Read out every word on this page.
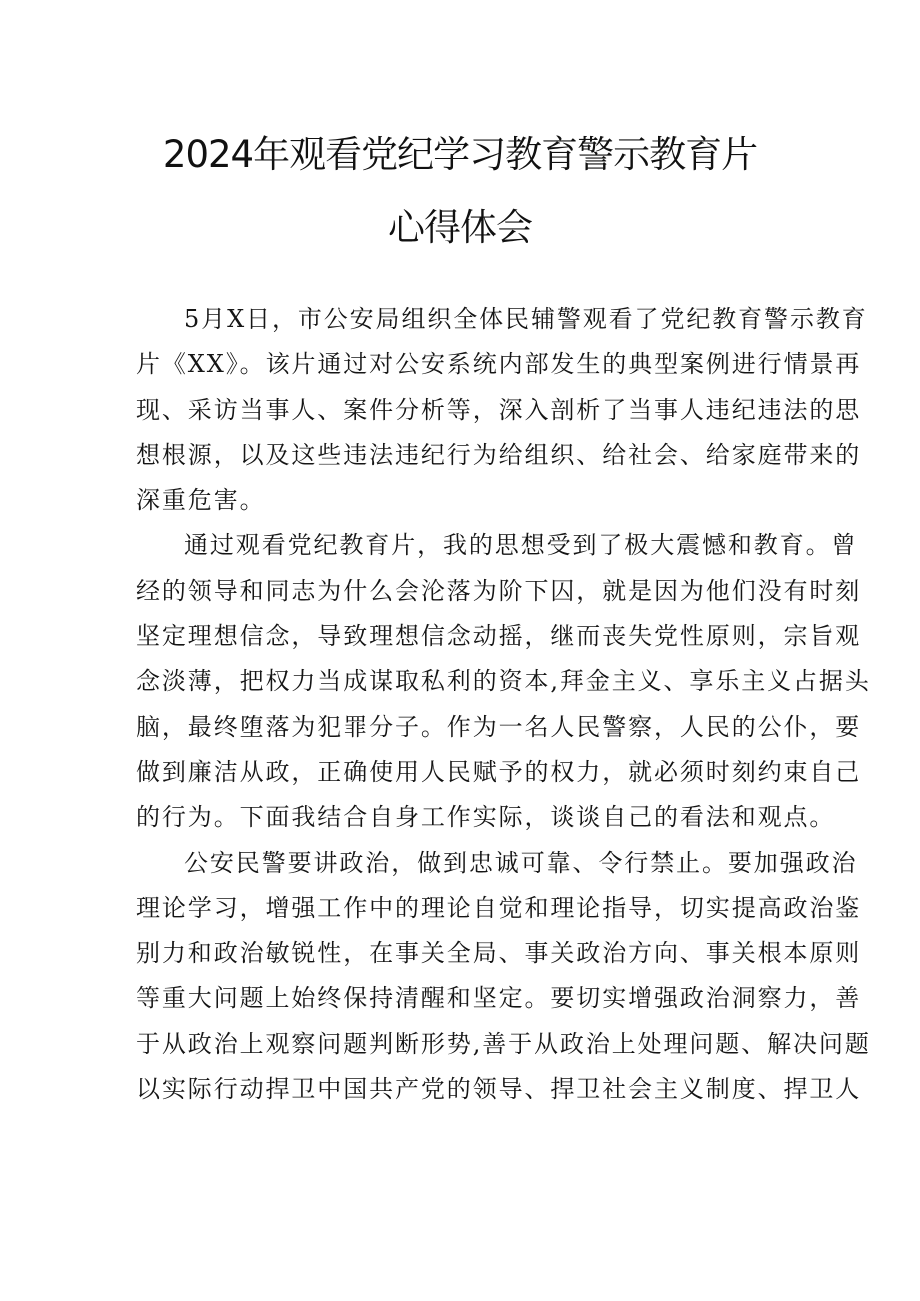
2024年观看党纪学习教育警示教育片
心得体会
5月X日，市公安局组织全体民辅警观看了党纪教育警示教育
片《XX》。该片通过对公安系统内部发生的典型案例进行情景再
现、采访当事人、案件分析等，深入剖析了当事人违纪违法的思
想根源，以及这些违法违纪行为给组织、给社会、给家庭带来的
深重危害。
通过观看党纪教育片，我的思想受到了极大震憾和教育。曾
经的领导和同志为什么会沦落为阶下囚，就是因为他们没有时刻
坚定理想信念，导致理想信念动摇，继而丧失党性原则，宗旨观
念淡薄，把权力当成谋取私利的资本,拜金主义、享乐主义占据头
脑，最终堕落为犯罪分子。作为一名人民警察，人民的公仆，要
做到廉洁从政，正确使用人民赋予的权力，就必须时刻约束自己
的行为。下面我结合自身工作实际，谈谈自己的看法和观点。
公安民警要讲政治，做到忠诚可靠、令行禁止。要加强政治
理论学习，增强工作中的理论自觉和理论指导，切实提高政治鉴
别力和政治敏锐性，在事关全局、事关政治方向、事关根本原则
等重大问题上始终保持清醒和坚定。要切实增强政治洞察力，善
于从政治上观察问题判断形势,善于从政治上处理问题、解决问题
以实际行动捍卫中国共产党的领导、捍卫社会主义制度、捍卫人
